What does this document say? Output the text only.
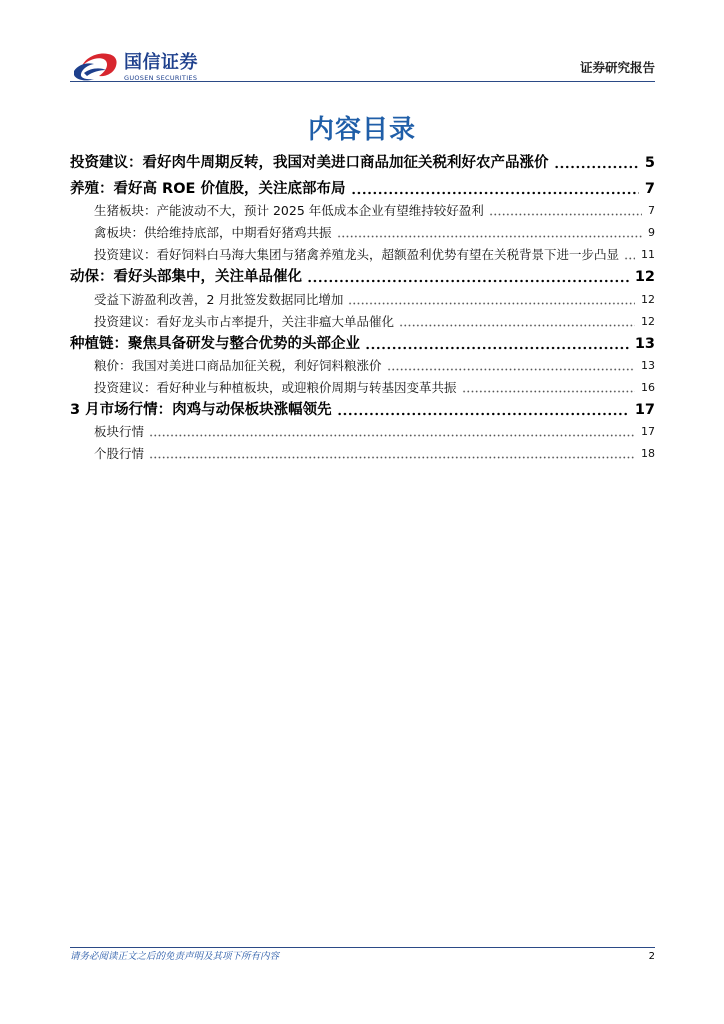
国信证券
GUOSEN SECURITIES
证券研究报告
内容目录
投资建议：看好肉牛周期反转，我国对美进口商品加征关税利好农产品涨价	5
养殖：看好高 ROE 价值股，关注底部布局	7
生猪板块：产能波动不大，预计 2025 年低成本企业有望维持较好盈利	7
禽板块：供给维持底部，中期看好猪鸡共振	9
投资建议：看好饲料白马海大集团与猪禽养殖龙头，超额盈利优势有望在关税背景下进一步凸显 11
动保：看好头部集中，关注单品催化	12
受益下游盈利改善，2 月批签发数据同比增加	12
投资建议：看好龙头市占率提升，关注非瘟大单品催化	12
种植链：聚焦具备研发与整合优势的头部企业	13
粮价：我国对美进口商品加征关税，利好饲料粮涨价	13
投资建议：看好种业与种植板块，或迎粮价周期与转基因变革共振	16
3 月市场行情：肉鸡与动保板块涨幅领先	17
板块行情	17
个股行情	18
请务必阅读正文之后的免责声明及其项下所有内容	2
